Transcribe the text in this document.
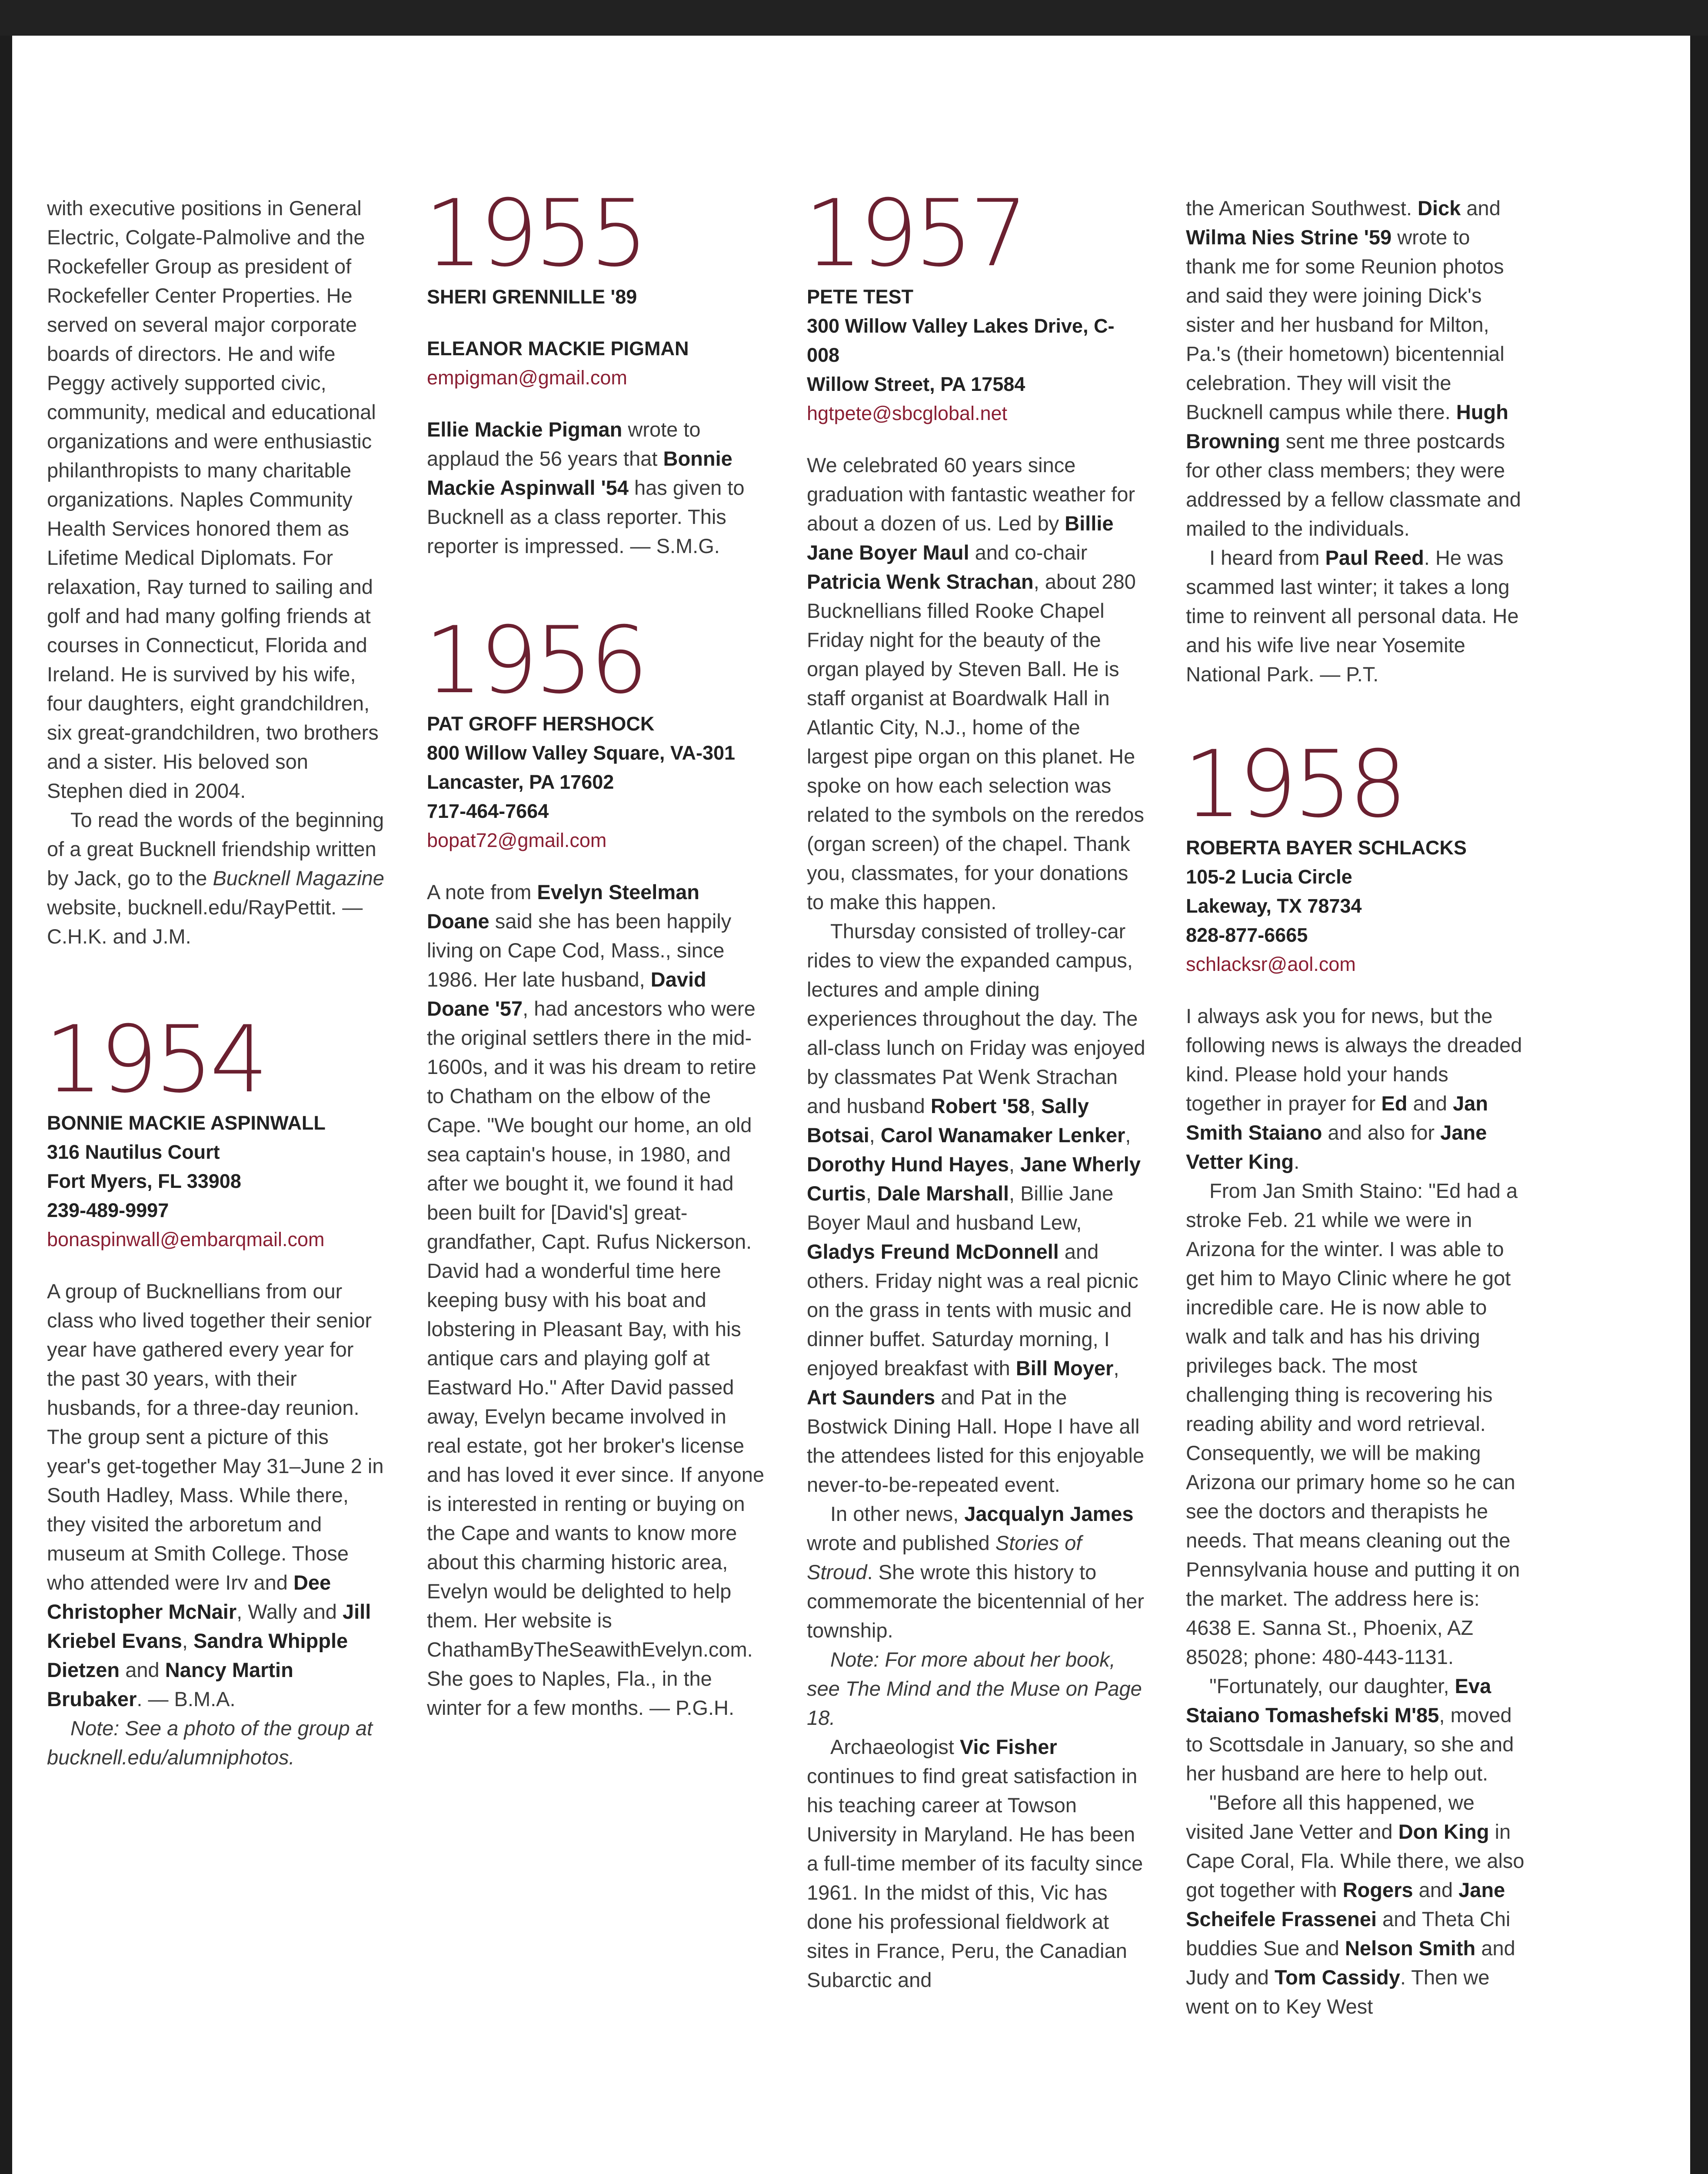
with executive positions in General Electric, Colgate-Palmolive and the Rockefeller Group as president of Rockefeller Center Properties. He served on several major corporate boards of directors. He and wife Peggy actively supported civic, community, medical and educational organizations and were enthusiastic philanthropists to many charitable organizations. Naples Community Health Services honored them as Lifetime Medical Diplomats. For relaxation, Ray turned to sailing and golf and had many golfing friends at courses in Connecticut, Florida and Ireland. He is survived by his wife, four daughters, eight grandchildren, six great-grandchildren, two brothers and a sister. His beloved son Stephen died in 2004.

To read the words of the beginning of a great Bucknell friendship written by Jack, go to the Bucknell Magazine website, bucknell.edu/RayPettit. — C.H.K. and J.M.

1954

BONNIE MACKIE ASPINWALL

316 Nautilus Court

Fort Myers, FL 33908

239-489-9997

bonaspinwall@embarqmail.com

A group of Bucknellians from our class who lived together their senior year have gathered every year for the past 30 years, with their husbands, for a three-day reunion. The group sent a picture of this year's get-together May 31–June 2 in South Hadley, Mass. While there, they visited the arboretum and museum at Smith College. Those who attended were Irv and Dee Christopher McNair, Wally and Jill Kriebel Evans, Sandra Whipple Dietzen and Nancy Martin Brubaker. — B.M.A.

Note: See a photo of the group at bucknell.edu/alumniphotos.

1955

SHERI GRENNILLE '89

ELEANOR MACKIE PIGMAN

empigman@gmail.com

Ellie Mackie Pigman wrote to applaud the 56 years that Bonnie Mackie Aspinwall '54 has given to Bucknell as a class reporter. This reporter is impressed. — S.M.G.

1956

PAT GROFF HERSHOCK

800 Willow Valley Square, VA-301

Lancaster, PA 17602

717-464-7664

bopat72@gmail.com

A note from Evelyn Steelman Doane said she has been happily living on Cape Cod, Mass., since 1986. Her late husband, David Doane '57, had ancestors who were the original settlers there in the mid-1600s, and it was his dream to retire to Chatham on the elbow of the Cape. "We bought our home, an old sea captain's house, in 1980, and after we bought it, we found it had been built for [David's] great-grandfather, Capt. Rufus Nickerson. David had a wonderful time here keeping busy with his boat and lobstering in Pleasant Bay, with his antique cars and playing golf at Eastward Ho." After David passed away, Evelyn became involved in real estate, got her broker's license and has loved it ever since. If anyone is interested in renting or buying on the Cape and wants to know more about this charming historic area, Evelyn would be delighted to help them. Her website is ChathamByTheSeawithEvelyn.com. She goes to Naples, Fla., in the winter for a few months. — P.G.H.

1957

PETE TEST

300 Willow Valley Lakes Drive, C-008

Willow Street, PA 17584

hgtpete@sbcglobal.net

We celebrated 60 years since graduation with fantastic weather for about a dozen of us. Led by Billie Jane Boyer Maul and co-chair Patricia Wenk Strachan, about 280 Bucknellians filled Rooke Chapel Friday night for the beauty of the organ played by Steven Ball. He is staff organist at Boardwalk Hall in Atlantic City, N.J., home of the largest pipe organ on this planet. He spoke on how each selection was related to the symbols on the reredos (organ screen) of the chapel. Thank you, classmates, for your donations to make this happen.

Thursday consisted of trolley-car rides to view the expanded campus, lectures and ample dining experiences throughout the day. The all-class lunch on Friday was enjoyed by classmates Pat Wenk Strachan and husband Robert '58, Sally Botsai, Carol Wanamaker Lenker, Dorothy Hund Hayes, Jane Wherly Curtis, Dale Marshall, Billie Jane Boyer Maul and husband Lew, Gladys Freund McDonnell and others. Friday night was a real picnic on the grass in tents with music and dinner buffet. Saturday morning, I enjoyed breakfast with Bill Moyer, Art Saunders and Pat in the Bostwick Dining Hall. Hope I have all the attendees listed for this enjoyable never-to-be-repeated event.

In other news, Jacqualyn James wrote and published Stories of Stroud. She wrote this history to commemorate the bicentennial of her township.

Note: For more about her book, see The Mind and the Muse on Page 18.

Archaeologist Vic Fisher continues to find great satisfaction in his teaching career at Towson University in Maryland. He has been a full-time member of its faculty since 1961. In the midst of this, Vic has done his professional fieldwork at sites in France, Peru, the Canadian Subarctic and

the American Southwest. Dick and Wilma Nies Strine '59 wrote to thank me for some Reunion photos and said they were joining Dick's sister and her husband for Milton, Pa.'s (their hometown) bicentennial celebration. They will visit the Bucknell campus while there. Hugh Browning sent me three postcards for other class members; they were addressed by a fellow classmate and mailed to the individuals.

I heard from Paul Reed. He was scammed last winter; it takes a long time to reinvent all personal data. He and his wife live near Yosemite National Park. — P.T.

1958

ROBERTA BAYER SCHLACKS

105-2 Lucia Circle

Lakeway, TX 78734

828-877-6665

schlacksr@aol.com

I always ask you for news, but the following news is always the dreaded kind. Please hold your hands together in prayer for Ed and Jan Smith Staiano and also for Jane Vetter King.

From Jan Smith Staino: "Ed had a stroke Feb. 21 while we were in Arizona for the winter. I was able to get him to Mayo Clinic where he got incredible care. He is now able to walk and talk and has his driving privileges back. The most challenging thing is recovering his reading ability and word retrieval. Consequently, we will be making Arizona our primary home so he can see the doctors and therapists he needs. That means cleaning out the Pennsylvania house and putting it on the market. The address here is: 4638 E. Sanna St., Phoenix, AZ 85028; phone: 480-443-1131.

"Fortunately, our daughter, Eva Staiano Tomashefski M'85, moved to Scottsdale in January, so she and her husband are here to help out.

"Before all this happened, we visited Jane Vetter and Don King in Cape Coral, Fla. While there, we also got together with Rogers and Jane Scheifele Frassenei and Theta Chi buddies Sue and Nelson Smith and Judy and Tom Cassidy. Then we went on to Key West
